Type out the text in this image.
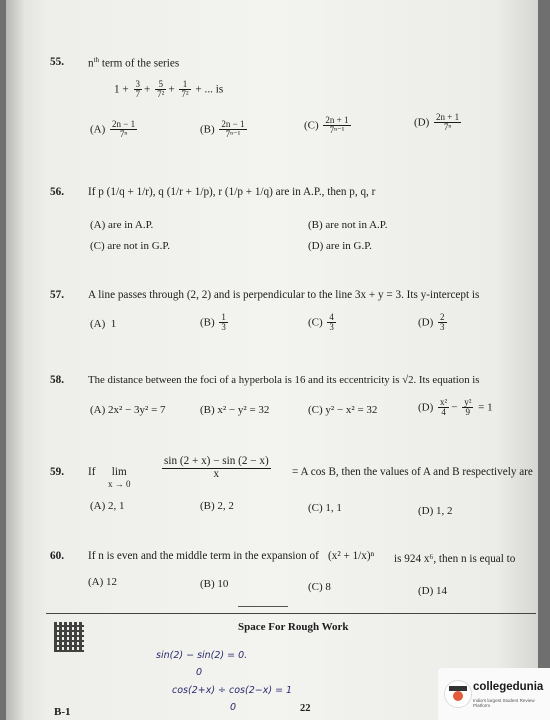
55. $n^{th}$ term of the series
$1 + \frac{3}{7} + \frac{5}{\text{7²}} + \frac{1}{\text{7²}}$ + ... is
$(A) \frac{2n - 1}{\text{7ⁿ}}$	$(B) \frac{2n - 1}{\text{7ⁿ⁻¹}}$	$(C) \frac{2n + 1}{\text{7ⁿ⁻¹}}$	$(D) \frac{2n + 1}{\text{7ⁿ}}$
56. If p (1/q + 1/r), q (1/r + 1/p), r (1/p + 1/q) are in A.P., then p, q, r
(A) are in A.P.	(B) are not in A.P.
(C) are not in G.P.	(D) are in G.P.
57. A line passes through (2, 2) and is perpendicular to the line 3x + y = 3. Its y-intercept is
(A) 1	$(B) \frac{1}{3}$	$(C) \frac{4}{3}$	$(D) \frac{2}{3}$
58. The distance between the foci of a hyperbola is 16 and its eccentricity is √2. Its equation is
(A) 2x² − 3y² = 7	(B) x² − y² = 32	(C) y² − x² = 32	$(D) \frac{\text{x²}}{4} - \frac{\text{y²}}{9} = 1$
59. If	lim
x → 0
$\frac{\sin (2 + x) - \sin (2 - x)}{x} = A$ cos B, then the values of A and B respectively are
(A) 2, 1	(B) 2, 2	(C) 1, 1	(D) 1, 2
60. If n is even and the middle term in the expansion of (x² + 1/x)ⁿ is 924 x⁶, then n is equal to
(A) 12	(B) 10	(C) 8	(D) 14
Space For Rough Work
sin(2) − sin(2) = 0.
0
cos(2+x) ÷ cos(2−x) = 1
0	22
B-1
collegedunia
India's largest Student Review Platform
